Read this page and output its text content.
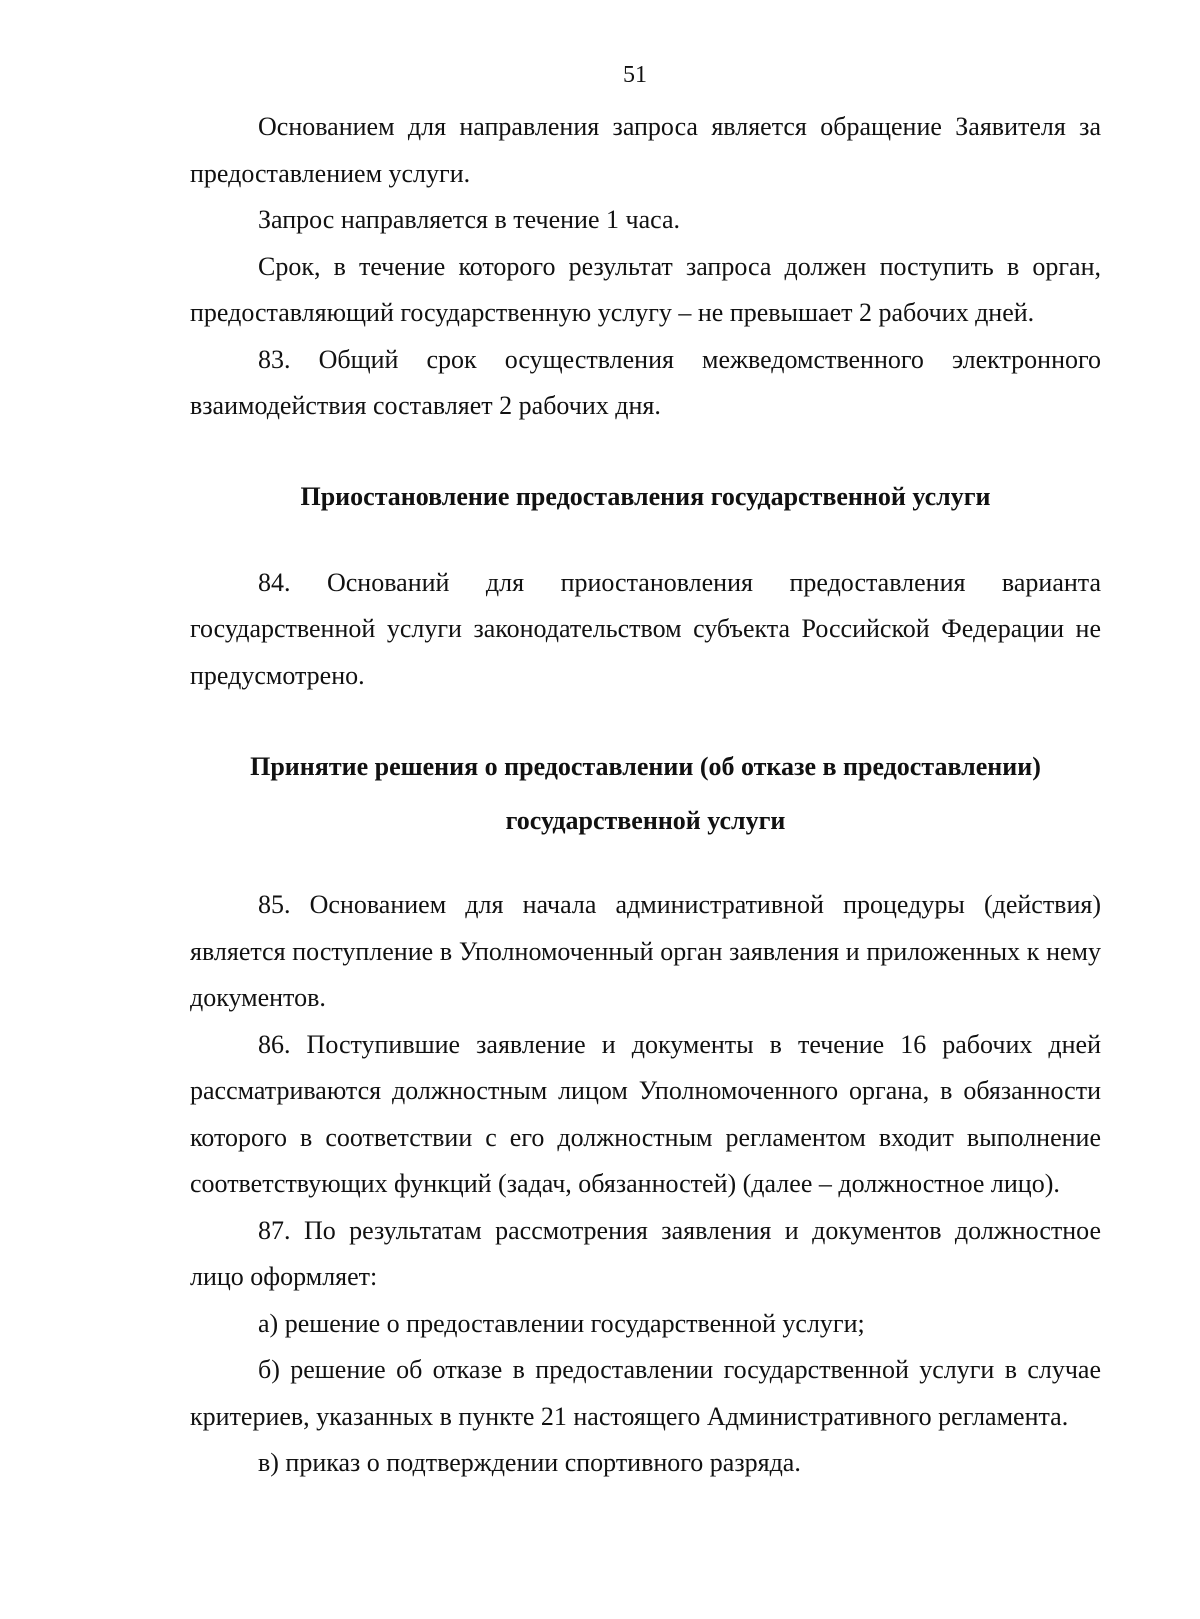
51

Основанием для направления запроса является обращение Заявителя за предоставлением услуги.

Запрос направляется в течение 1 часа.

Срок, в течение которого результат запроса должен поступить в орган, предоставляющий государственную услугу – не превышает 2 рабочих дней.

83. Общий срок осуществления межведомственного электронного взаимодействия составляет 2 рабочих дня.

Приостановление предоставления государственной услуги

84. Оснований для приостановления предоставления варианта государственной услуги законодательством субъекта Российской Федерации не предусмотрено.

Принятие решения о предоставлении (об отказе в предоставлении)
государственной услуги

85. Основанием для начала административной процедуры (действия) является поступление в Уполномоченный орган заявления и приложенных к нему документов.

86. Поступившие заявление и документы в течение 16 рабочих дней рассматриваются должностным лицом Уполномоченного органа, в обязанности которого в соответствии с его должностным регламентом входит выполнение соответствующих функций (задач, обязанностей) (далее – должностное лицо).

87. По результатам рассмотрения заявления и документов должностное лицо оформляет:

а) решение о предоставлении государственной услуги;

б) решение об отказе в предоставлении государственной услуги в случае критериев, указанных в пункте 21 настоящего Административного регламента.

в) приказ о подтверждении спортивного разряда.
